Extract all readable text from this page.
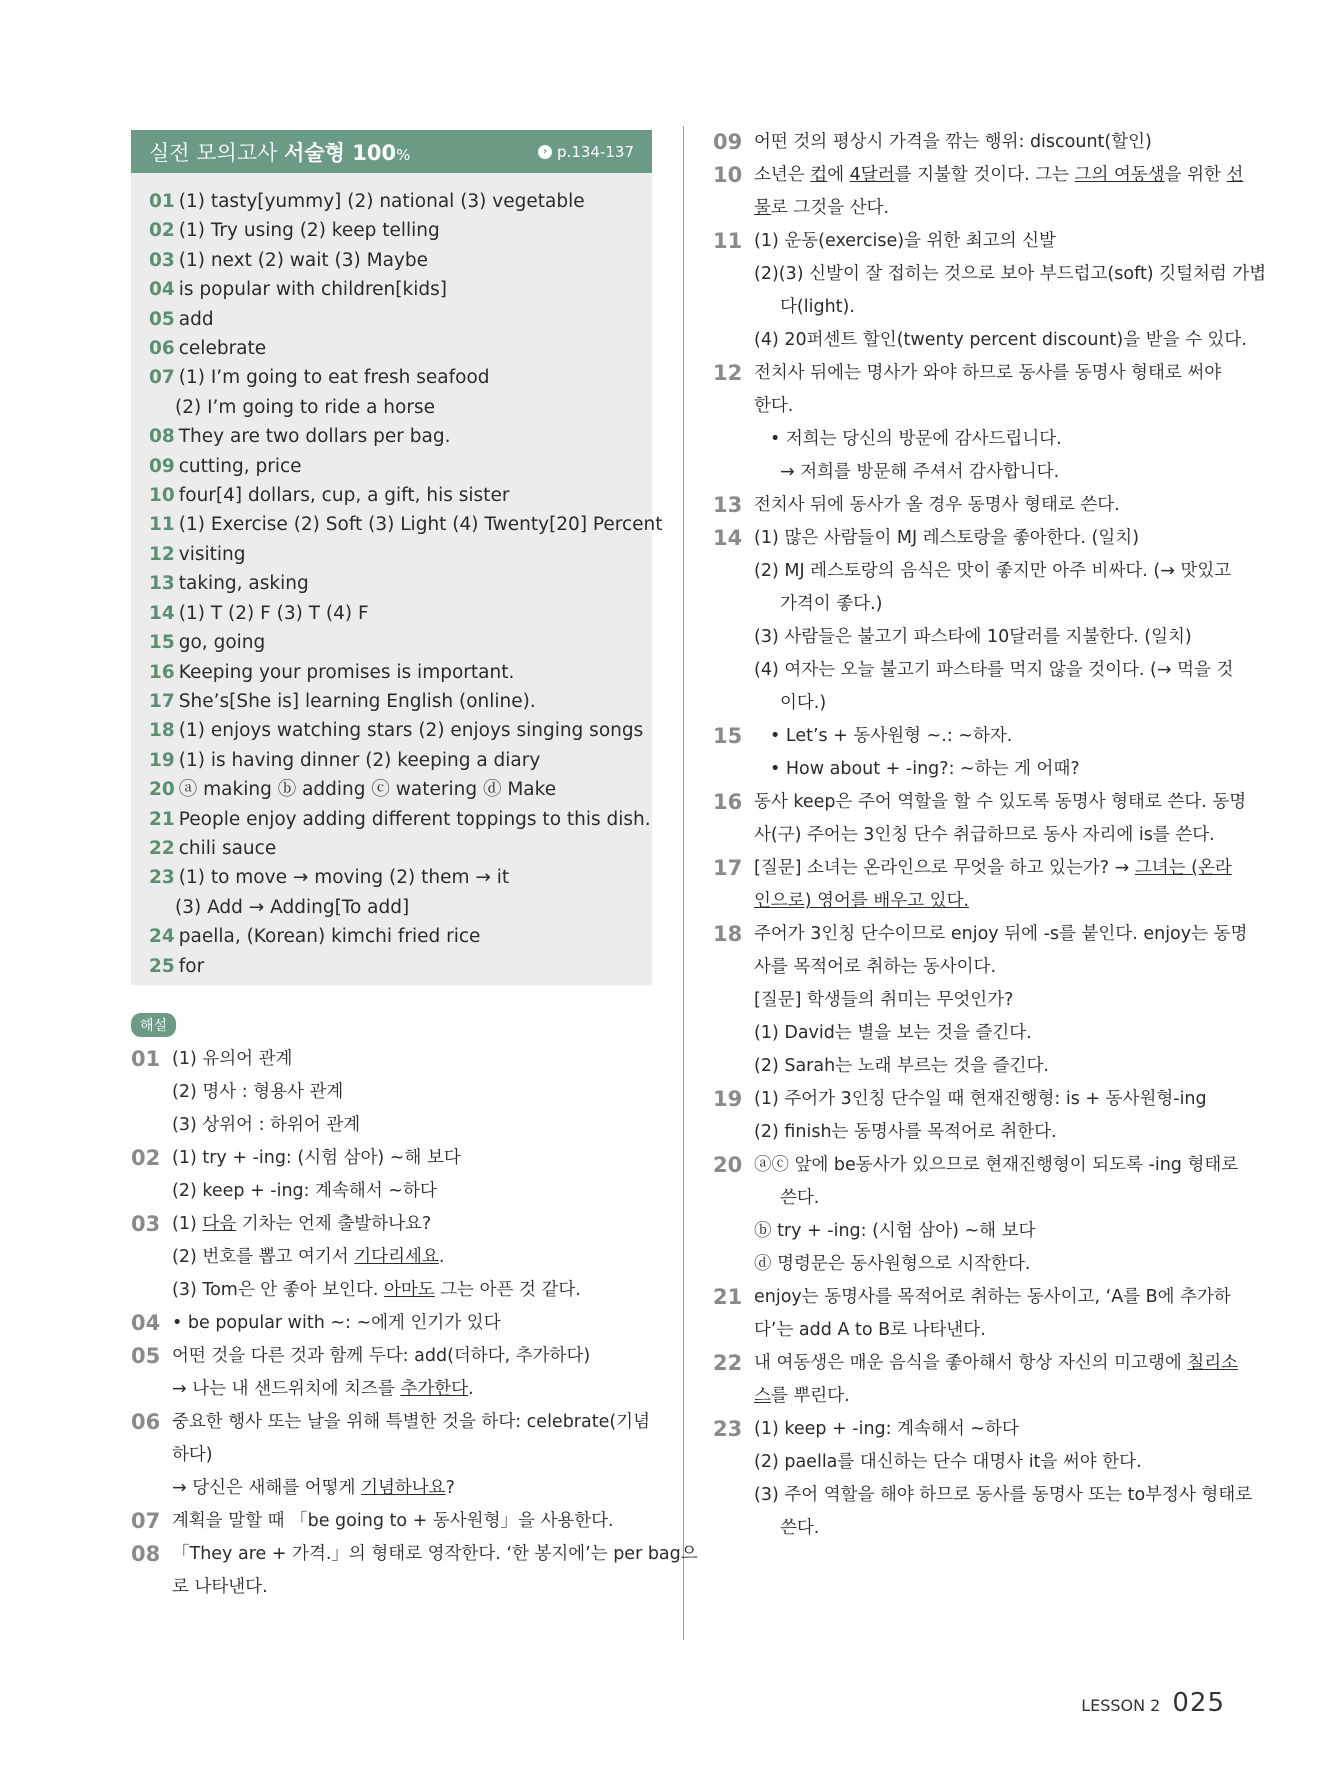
실전 모의고사 서술형 100%	› p.134-137
01 (1) tasty[yummy] (2) national (3) vegetable
02 (1) Try using (2) keep telling
03 (1) next (2) wait (3) Maybe
04 is popular with children[kids]
05 add
06 celebrate
07 (1) I’m going to eat fresh seafood
(2) I’m going to ride a horse
08 They are two dollars per bag.
09 cutting, price
10 four[4] dollars, cup, a gift, his sister
11 (1) Exercise (2) Soft (3) Light (4) Twenty[20] Percent
12 visiting
13 taking, asking
14 (1) T (2) F (3) T (4) F
15 go, going
16 Keeping your promises is important.
17 She’s[She is] learning English (online).
18 (1) enjoys watching stars (2) enjoys singing songs
19 (1) is having dinner (2) keeping a diary
20 ⓐ making ⓑ adding ⓒ watering ⓓ Make
21 People enjoy adding different toppings to this dish.
22 chili sauce
23 (1) to move → moving (2) them → it
(3) Add → Adding[To add]
24 paella, (Korean) kimchi fried rice
25 for
해설
01 (1) 유의어 관계
(2) 명사 : 형용사 관계
(3) 상위어 : 하위어 관계
02 (1) try + -ing: (시험 삼아) ~해 보다
(2) keep + -ing: 계속해서 ~하다
03 (1) 다음 기차는 언제 출발하나요?
(2) 번호를 뽑고 여기서 기다리세요.
(3) Tom은 안 좋아 보인다. 아마도 그는 아픈 것 같다.
04 • be popular with ~: ~에게 인기가 있다
05 어떤 것을 다른 것과 함께 두다: add(더하다, 추가하다)
→ 나는 내 샌드위치에 치즈를 추가한다.
06 중요한 행사 또는 날을 위해 특별한 것을 하다: celebrate(기념
하다)
→ 당신은 새해를 어떻게 기념하나요?
07 계획을 말할 때 「be going to + 동사원형」을 사용한다.
08 「They are + 가격.」의 형태로 영작한다. ‘한 봉지에’는 per bag으
로 나타낸다.
09 어떤 것의 평상시 가격을 깎는 행위: discount(할인)
10 소년은 컵에 4달러를 지불할 것이다. 그는 그의 여동생을 위한 선
물로 그것을 산다.
11 (1) 운동(exercise)을 위한 최고의 신발
(2)(3) 신발이 잘 접히는 것으로 보아 부드럽고(soft) 깃털처럼 가볍
다(light).
(4) 20퍼센트 할인(twenty percent discount)을 받을 수 있다.
12 전치사 뒤에는 명사가 와야 하므로 동사를 동명사 형태로 써야
한다.
• 저희는 당신의 방문에 감사드립니다.
→ 저희를 방문해 주셔서 감사합니다.
13 전치사 뒤에 동사가 올 경우 동명사 형태로 쓴다.
14 (1) 많은 사람들이 MJ 레스토랑을 좋아한다. (일치)
(2) MJ 레스토랑의 음식은 맛이 좋지만 아주 비싸다. (→ 맛있고
가격이 좋다.)
(3) 사람들은 불고기 파스타에 10달러를 지불한다. (일치)
(4) 여자는 오늘 불고기 파스타를 먹지 않을 것이다. (→ 먹을 것
이다.)
15	• Let’s + 동사원형 ~.: ~하자.
• How about + -ing?: ~하는 게 어때?
16 동사 keep은 주어 역할을 할 수 있도록 동명사 형태로 쓴다. 동명
사(구) 주어는 3인칭 단수 취급하므로 동사 자리에 is를 쓴다.
17 [질문] 소녀는 온라인으로 무엇을 하고 있는가? → 그녀는 (온라
인으로) 영어를 배우고 있다.
18 주어가 3인칭 단수이므로 enjoy 뒤에 -s를 붙인다. enjoy는 동명
사를 목적어로 취하는 동사이다.
[질문] 학생들의 취미는 무엇인가?
(1) David는 별을 보는 것을 즐긴다.
(2) Sarah는 노래 부르는 것을 즐긴다.
19 (1) 주어가 3인칭 단수일 때 현재진행형: is + 동사원형-ing
(2) finish는 동명사를 목적어로 취한다.
20 ⓐⓒ 앞에 be동사가 있으므로 현재진행형이 되도록 -ing 형태로
쓴다.
ⓑ try + -ing: (시험 삼아) ~해 보다
ⓓ 명령문은 동사원형으로 시작한다.
21 enjoy는 동명사를 목적어로 취하는 동사이고, ‘A를 B에 추가하
다’는 add A to B로 나타낸다.
22 내 여동생은 매운 음식을 좋아해서 항상 자신의 미고랭에 칠리소
스를 뿌린다.
23 (1) keep + -ing: 계속해서 ~하다
(2) paella를 대신하는 단수 대명사 it을 써야 한다.
(3) 주어 역할을 해야 하므로 동사를 동명사 또는 to부정사 형태로
쓴다.
LESSON 2 025
